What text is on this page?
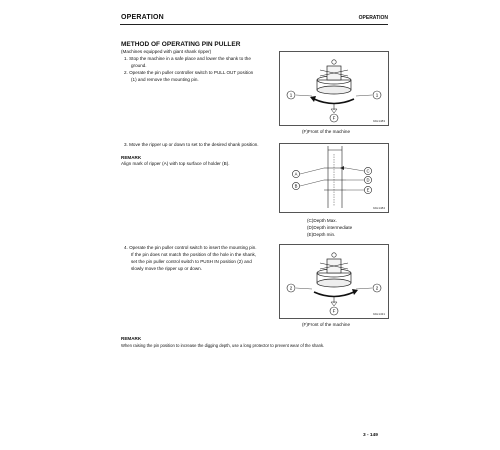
OPERATION	OPERATION
METHOD OF OPERATING PIN PULLER
(Machines equipped with giant shank ripper)
1. Stop the machine in a safe place and lower the shank to the
ground.
2. Operate the pin puller controller switch to PULL OUT position
(1) and remove the mounting pin.
1	1
F
9JH1483
(F)Front of the machine
3. Move the ripper up or down to set to the desired shank position.
REMARK
Align mark of ripper (A) with top surface of holder (B).
A
B
C
D
E
9JH1484
(C)Depth Max.
(D)Depth intermediate
(E)Depth min.
4. Operate the pin puller control switch to insert the mounting pin.
If the pin does not match the position of the hole in the shank,
set the pin puller control switch to PUSH IN position (2) and
slowly move the ripper up or down.
2	2
F
9JH1431
(F)Front of the machine
REMARK
When raising the pin position to increase the digging depth, use a long protector to prevent wear of the shank.
3 - 149
